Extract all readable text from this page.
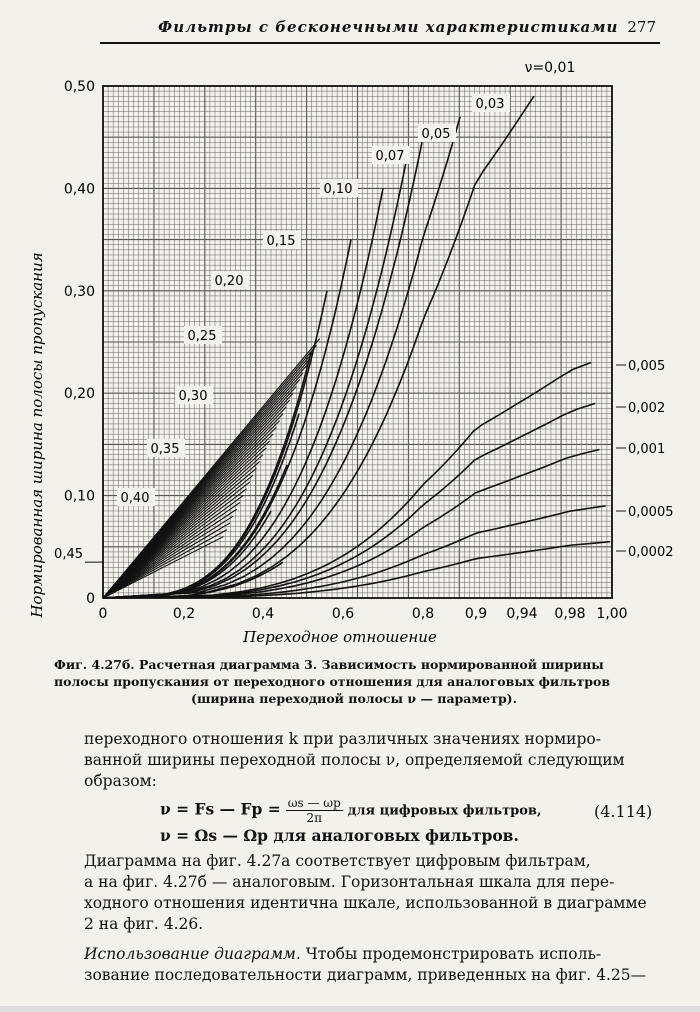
Фильтры с бесконечными характеристиками 277
0
0,10
0,20
0,30
0,40
0,50
0,45
0	0,2	0,4	0,6	0,8 0,9 0,94 0,98 1,00
0,03
0,05
0,07
0,10
0,15
0,20
0,25
0,30
0,35
0,40
0,005
0,002
0,001
0,0005
0,0002
Переходное отношение
Нормированная ширина полосы пропускания
ν=0,01
Фиг. 4.27б. Расчетная диаграмма 3. Зависимость нормированной ширины
полосы пропускания от переходного отношения для аналоговых фильтров
(ширина переходной полосы ν — параметр).
переходного отношения k при различных значениях нормиро-
ванной ширины переходной полосы ν, определяемой следующим
образом:
ν = Fs — $Fp = \frac{\omega s — \omega p}{2\pi}$ для цифровых фильтров,	(4.114)
ν = Ωs — Ωp для аналоговых фильтров.
Диаграмма на фиг. 4.27а соответствует цифровым фильтрам,
а на фиг. 4.27б — аналоговым. Горизонтальная шкала для пере-
ходного отношения идентична шкале, использованной в диаграмме
2 на фиг. 4.26.
Использование диаграмм. Чтобы продемонстрировать исполь-
зование последовательности диаграмм, приведенных на фиг. 4.25—
